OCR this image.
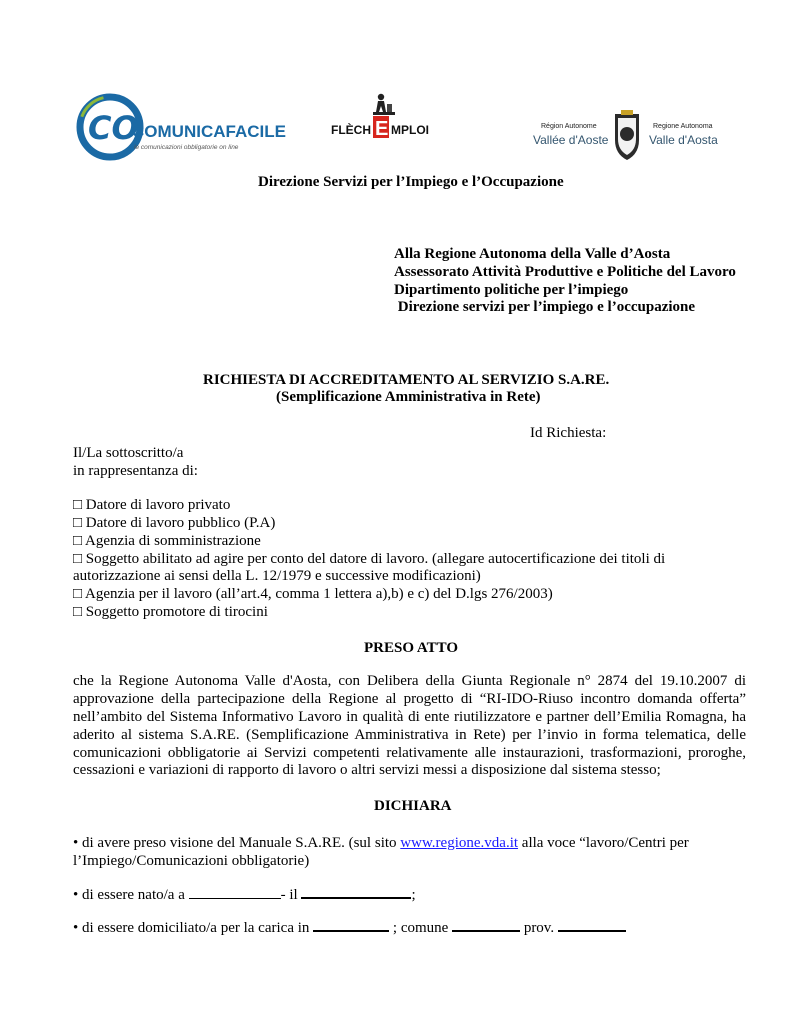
CO
COMUNICAFACILE
le comunicazioni obbligatorie on line
FLÈCH E MPLOI	Région Autonome
Vallée d'Aoste
Regione Autonoma
Valle d'Aosta
Direzione Servizi per l’Impiego e l’Occupazione
Alla Regione Autonoma della Valle d’Aosta
Assessorato Attività Produttive e Politiche del Lavoro
Dipartimento politiche per l’impiego
Direzione servizi per l’impiego e l’occupazione
RICHIESTA DI ACCREDITAMENTO AL SERVIZIO S.A.RE.
(Semplificazione Amministrativa in Rete)
Id Richiesta:
Il/La sottoscritto/a
in rappresentanza di:
□ Datore di lavoro privato
□ Datore di lavoro pubblico (P.A)
□ Agenzia di somministrazione
□ Soggetto abilitato ad agire per conto del datore di lavoro. (allegare autocertificazione dei titoli di
autorizzazione ai sensi della L. 12/1979 e successive modificazioni)
□ Agenzia per il lavoro (all’art.4, comma 1 lettera a),b) e c) del D.lgs 276/2003)
□ Soggetto promotore di tirocini
PRESO ATTO
che la Regione Autonoma Valle d'Aosta, con Delibera della Giunta Regionale n° 2874 del 19.10.2007 di
approvazione della partecipazione della Regione al progetto di “RI-IDO-Riuso incontro domanda offerta”
nell’ambito del Sistema Informativo Lavoro in qualità di ente riutilizzatore e partner dell’Emilia Romagna, ha
aderito al sistema S.A.RE. (Semplificazione Amministrativa in Rete) per l’invio in forma telematica, delle
comunicazioni obbligatorie ai Servizi competenti relativamente alle instaurazioni, trasformazioni, proroghe,
cessazioni e variazioni di rapporto di lavoro o altri servizi messi a disposizione dal sistema stesso;
DICHIARA
• di avere preso visione del Manuale S.A.RE. (sul sito www.regione.vda.it alla voce “lavoro/Centri per
l’Impiego/Comunicazioni obbligatorie)
• di essere nato/a a	- il	;
• di essere domiciliato/a per la carica in	; comune	prov.
